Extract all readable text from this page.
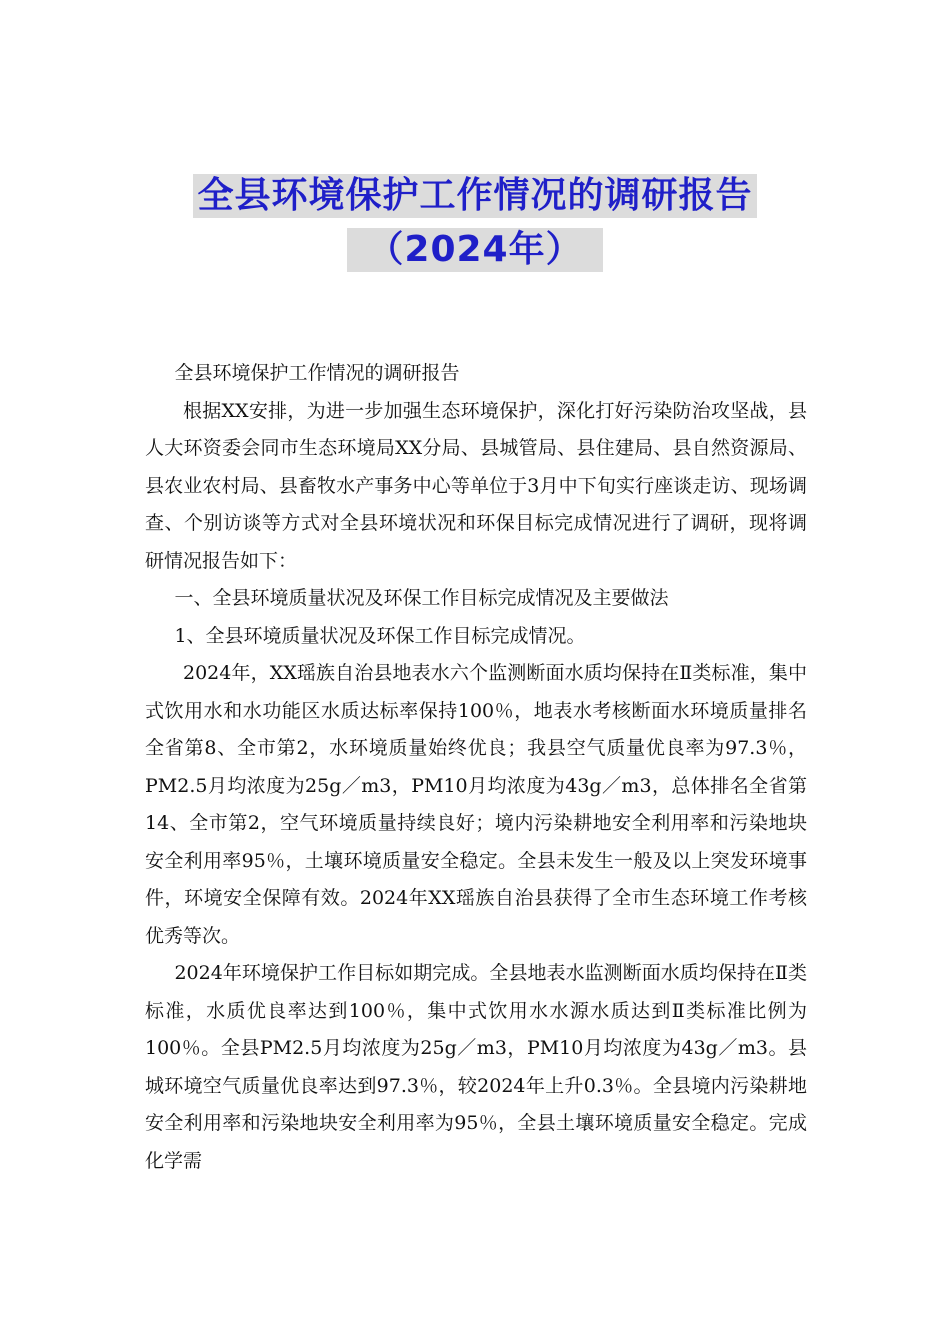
全县环境保护工作情况的调研报告
（2024年）

全县环境保护工作情况的调研报告

根据XX安排，为进一步加强生态环境保护，深化打好污染防治攻坚战，县人大环资委会同市生态环境局XX分局、县城管局、县住建局、县自然资源局、县农业农村局、县畜牧水产事务中心等单位于3月中下旬实行座谈走访、现场调查、个别访谈等方式对全县环境状况和环保目标完成情况进行了调研，现将调研情况报告如下：

一、全县环境质量状况及环保工作目标完成情况及主要做法

1、全县环境质量状况及环保工作目标完成情况。

2024年，XX瑶族自治县地表水六个监测断面水质均保持在Ⅱ类标准，集中式饮用水和水功能区水质达标率保持100％，地表水考核断面水环境质量排名全省第8、全市第2，水环境质量始终优良；我县空气质量优良率为97.3％，PM2.5月均浓度为25g／m3，PM10月均浓度为43g／m3，总体排名全省第14、全市第2，空气环境质量持续良好；境内污染耕地安全利用率和污染地块安全利用率95％，土壤环境质量安全稳定。全县未发生一般及以上突发环境事件，环境安全保障有效。2024年XX瑶族自治县获得了全市生态环境工作考核优秀等次。

2024年环境保护工作目标如期完成。全县地表水监测断面水质均保持在Ⅱ类标准，水质优良率达到100％，集中式饮用水水源水质达到Ⅱ类标准比例为100％。全县PM2.5月均浓度为25g／m3，PM10月均浓度为43g／m3。县城环境空气质量优良率达到97.3％，较2024年上升0.3％。全县境内污染耕地安全利用率和污染地块安全利用率为95％，全县土壤环境质量安全稳定。完成化学需
